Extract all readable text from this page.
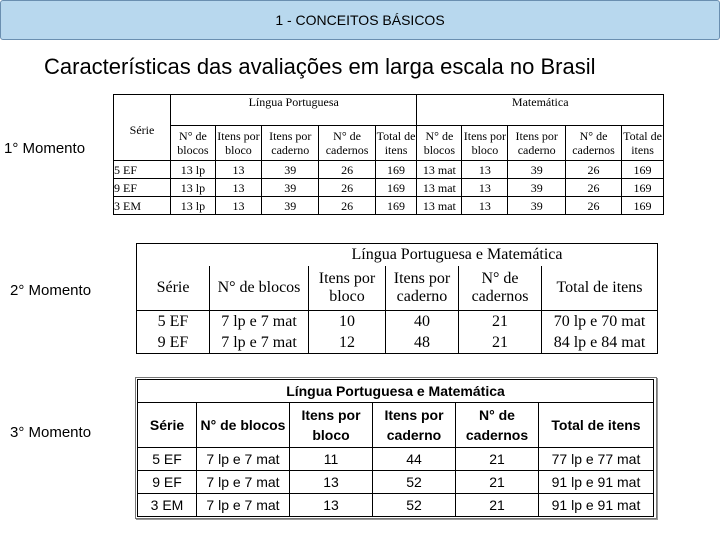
1 - CONCEITOS BÁSICOS
Características das avaliações em larga escala no Brasil
1° Momento
2° Momento
3° Momento
Série	Língua Portuguesa					Matemática				
	N° de blocos	Itens por bloco	Itens por caderno	N° de cadernos	Total de itens	N° de blocos	Itens por bloco	Itens por caderno	N° de cadernos	Total de itens
5 EF	13 lp	13	39	26	169	13 mat	13	39	26	169
9 EF	13 lp	13	39	26	169	13 mat	13	39	26	169
3 EM	13 lp	13	39	26	169	13 mat	13	39	26	169
Língua Portuguesa e Matemática					
Série	N° de blocos	Itens por bloco	Itens por caderno	N° de cadernos	Total de itens
5 EF	7 lp e 7 mat	10	40	21	70 lp e 70 mat
9 EF	7 lp e 7 mat	12	48	21	84 lp e 84 mat
Língua Portuguesa e Matemática					
Série	N° de blocos	Itens por bloco	Itens por caderno	N° de cadernos	Total de itens
5 EF	7 lp e 7 mat	11	44	21	77 lp e 77 mat
9 EF	7 lp e 7 mat	13	52	21	91 lp e 91 mat
3 EM	7 lp e 7 mat	13	52	21	91 lp e 91 mat
